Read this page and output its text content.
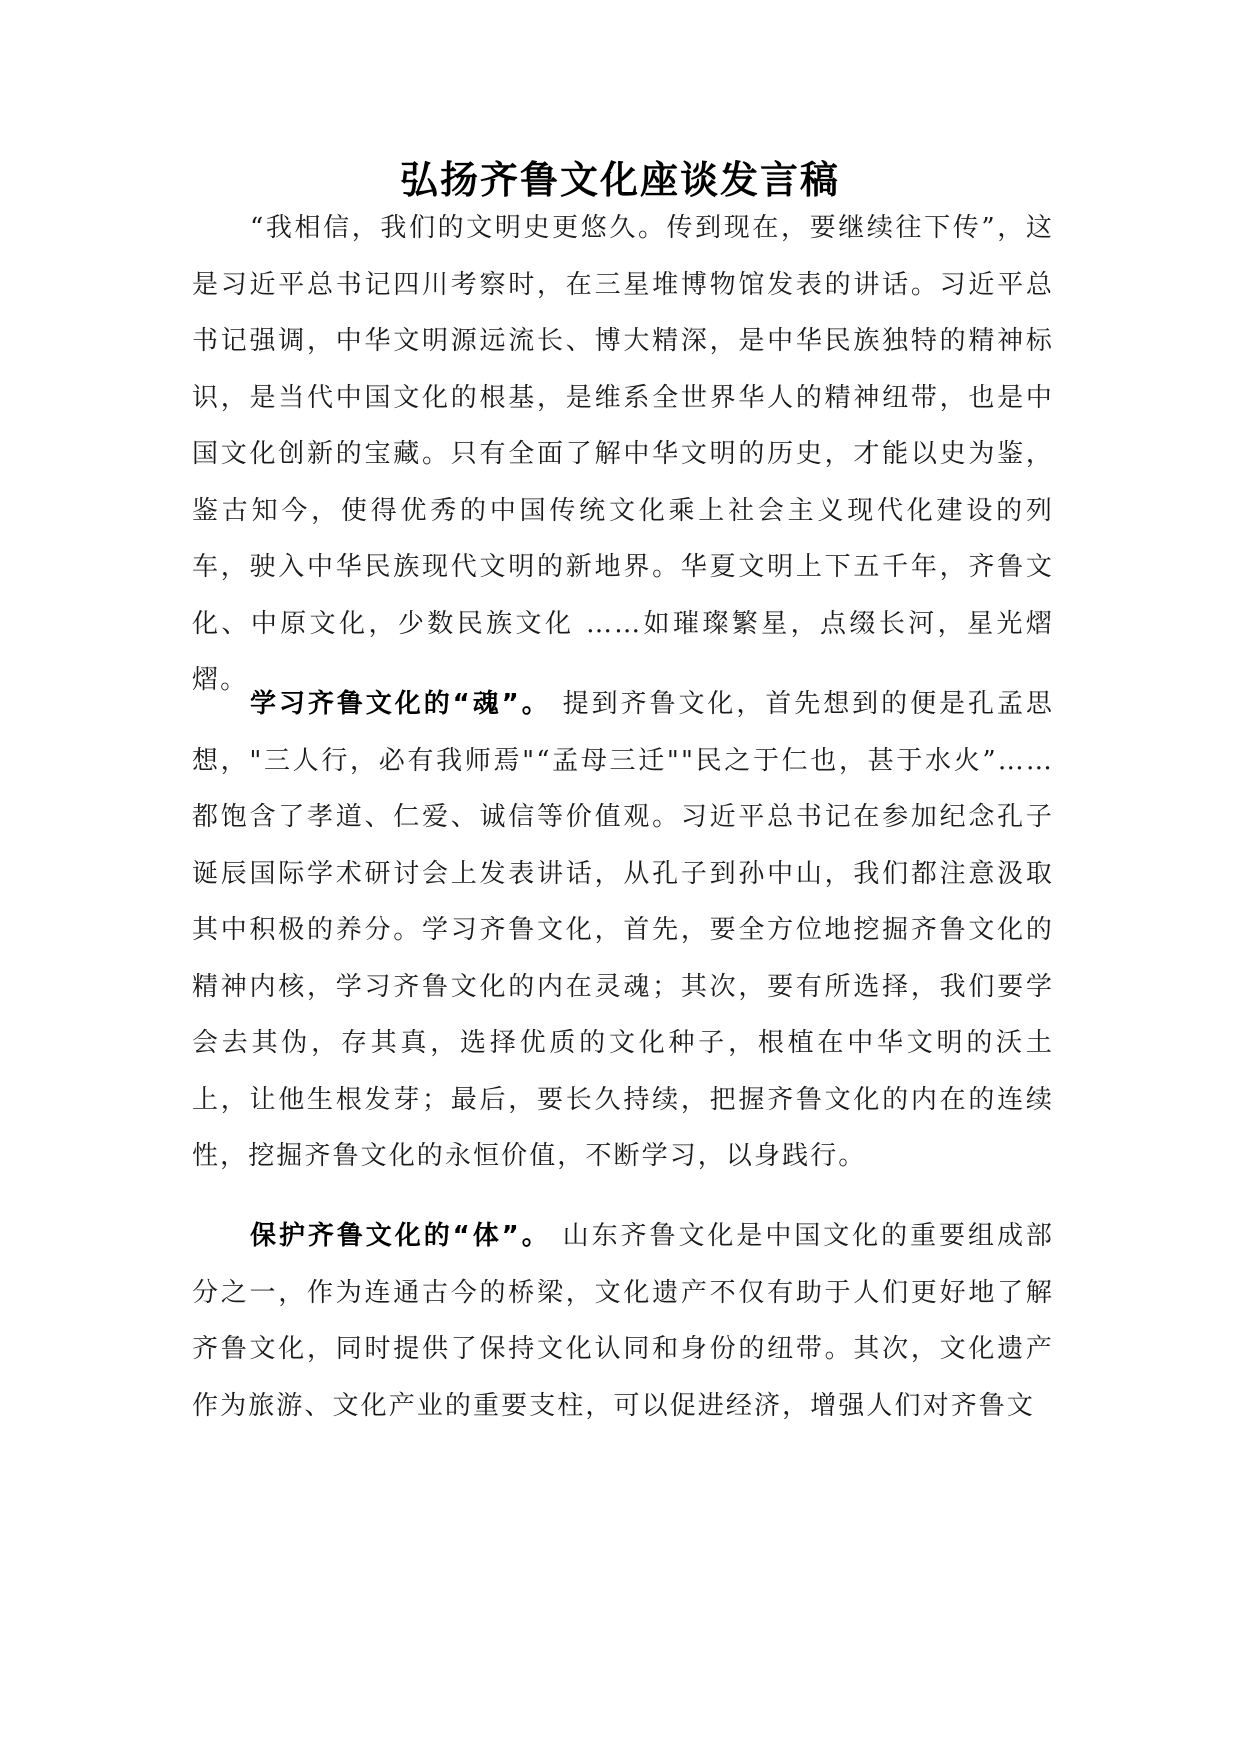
弘扬齐鲁文化座谈发言稿

“我相信，我们的文明史更悠久。传到现在，要继续往下传”，这是习近平总书记四川考察时，在三星堆博物馆发表的讲话。习近平总书记强调，中华文明源远流长、博大精深，是中华民族独特的精神标识，是当代中国文化的根基，是维系全世界华人的精神纽带，也是中国文化创新的宝藏。只有全面了解中华文明的历史，才能以史为鉴，鉴古知今，使得优秀的中国传统文化乘上社会主义现代化建设的列车，驶入中华民族现代文明的新地界。华夏文明上下五千年，齐鲁文化、中原文化，少数民族文化 ……如璀璨繁星，点缀长河，星光熠熠。

学习齐鲁文化的“魂”。 提到齐鲁文化，首先想到的便是孔孟思想，"三人行，必有我师焉"“孟母三迁""民之于仁也，甚于水火”……都饱含了孝道、仁爱、诚信等价值观。习近平总书记在参加纪念孔子诞辰国际学术研讨会上发表讲话，从孔子到孙中山，我们都注意汲取其中积极的养分。学习齐鲁文化，首先，要全方位地挖掘齐鲁文化的精神内核，学习齐鲁文化的内在灵魂；其次，要有所选择，我们要学会去其伪，存其真，选择优质的文化种子，根植在中华文明的沃土上，让他生根发芽；最后，要长久持续，把握齐鲁文化的内在的连续性，挖掘齐鲁文化的永恒价值，不断学习，以身践行。

保护齐鲁文化的“体”。 山东齐鲁文化是中国文化的重要组成部分之一，作为连通古今的桥梁，文化遗产不仅有助于人们更好地了解齐鲁文化，同时提供了保持文化认同和身份的纽带。其次，文化遗产作为旅游、文化产业的重要支柱，可以促进经济，增强人们对齐鲁文
